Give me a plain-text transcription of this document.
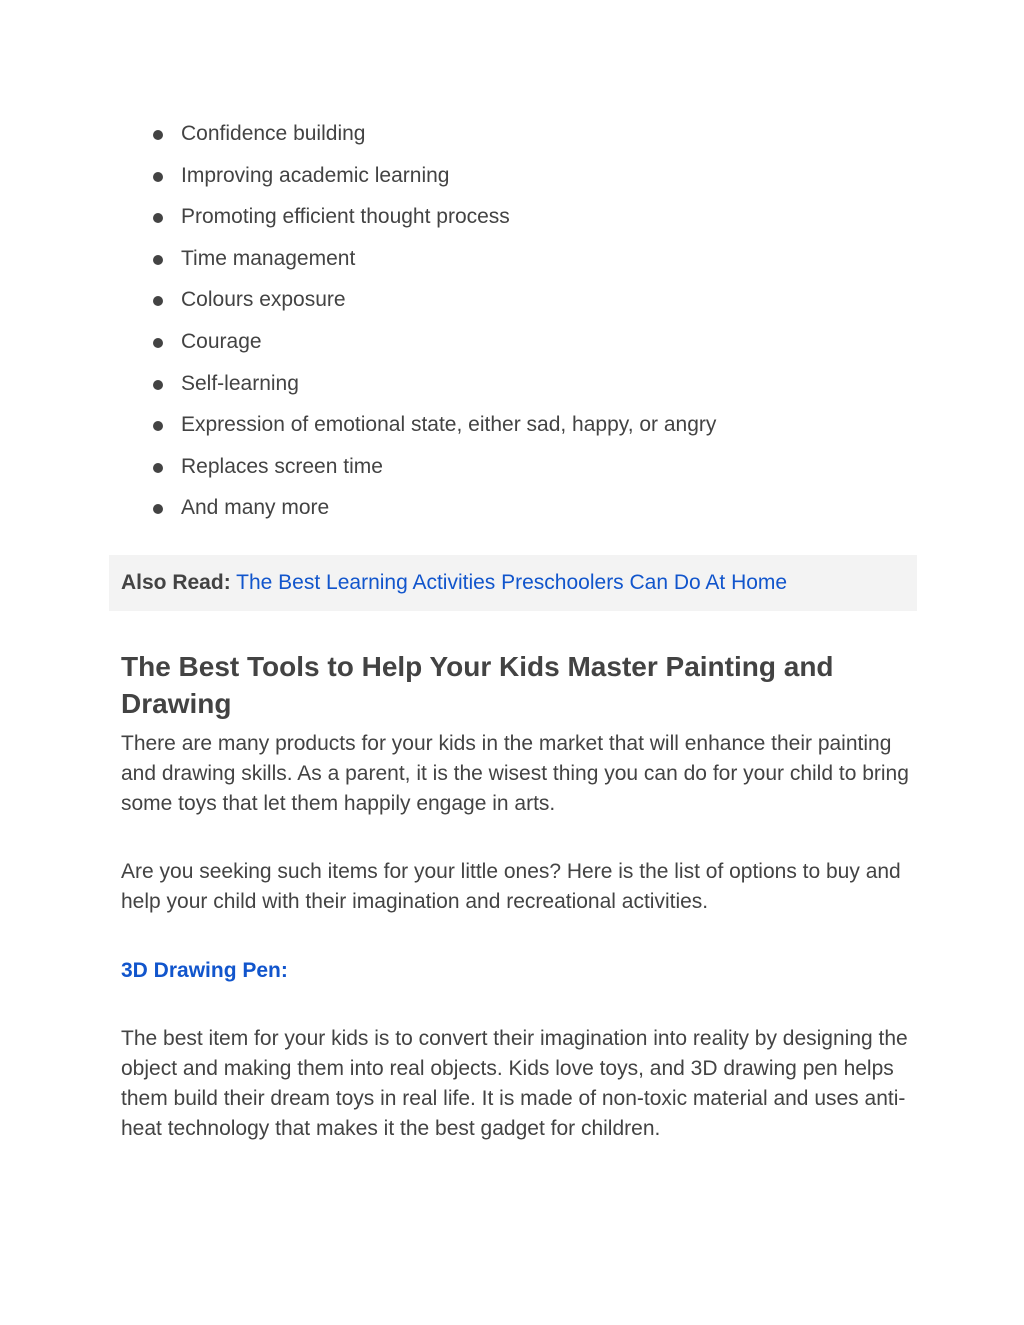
Confidence building
Improving academic learning
Promoting efficient thought process
Time management
Colours exposure
Courage
Self-learning
Expression of emotional state, either sad, happy, or angry
Replaces screen time
And many more
Also Read: The Best Learning Activities Preschoolers Can Do At Home
The Best Tools to Help Your Kids Master Painting and Drawing

There are many products for your kids in the market that will enhance their painting and drawing skills. As a parent, it is the wisest thing you can do for your child to bring some toys that let them happily engage in arts.

Are you seeking such items for your little ones? Here is the list of options to buy and help your child with their imagination and recreational activities.

3D Drawing Pen:

The best item for your kids is to convert their imagination into reality by designing the object and making them into real objects. Kids love toys, and 3D drawing pen helps them build their dream toys in real life. It is made of non-toxic material and uses anti-heat technology that makes it the best gadget for children.
